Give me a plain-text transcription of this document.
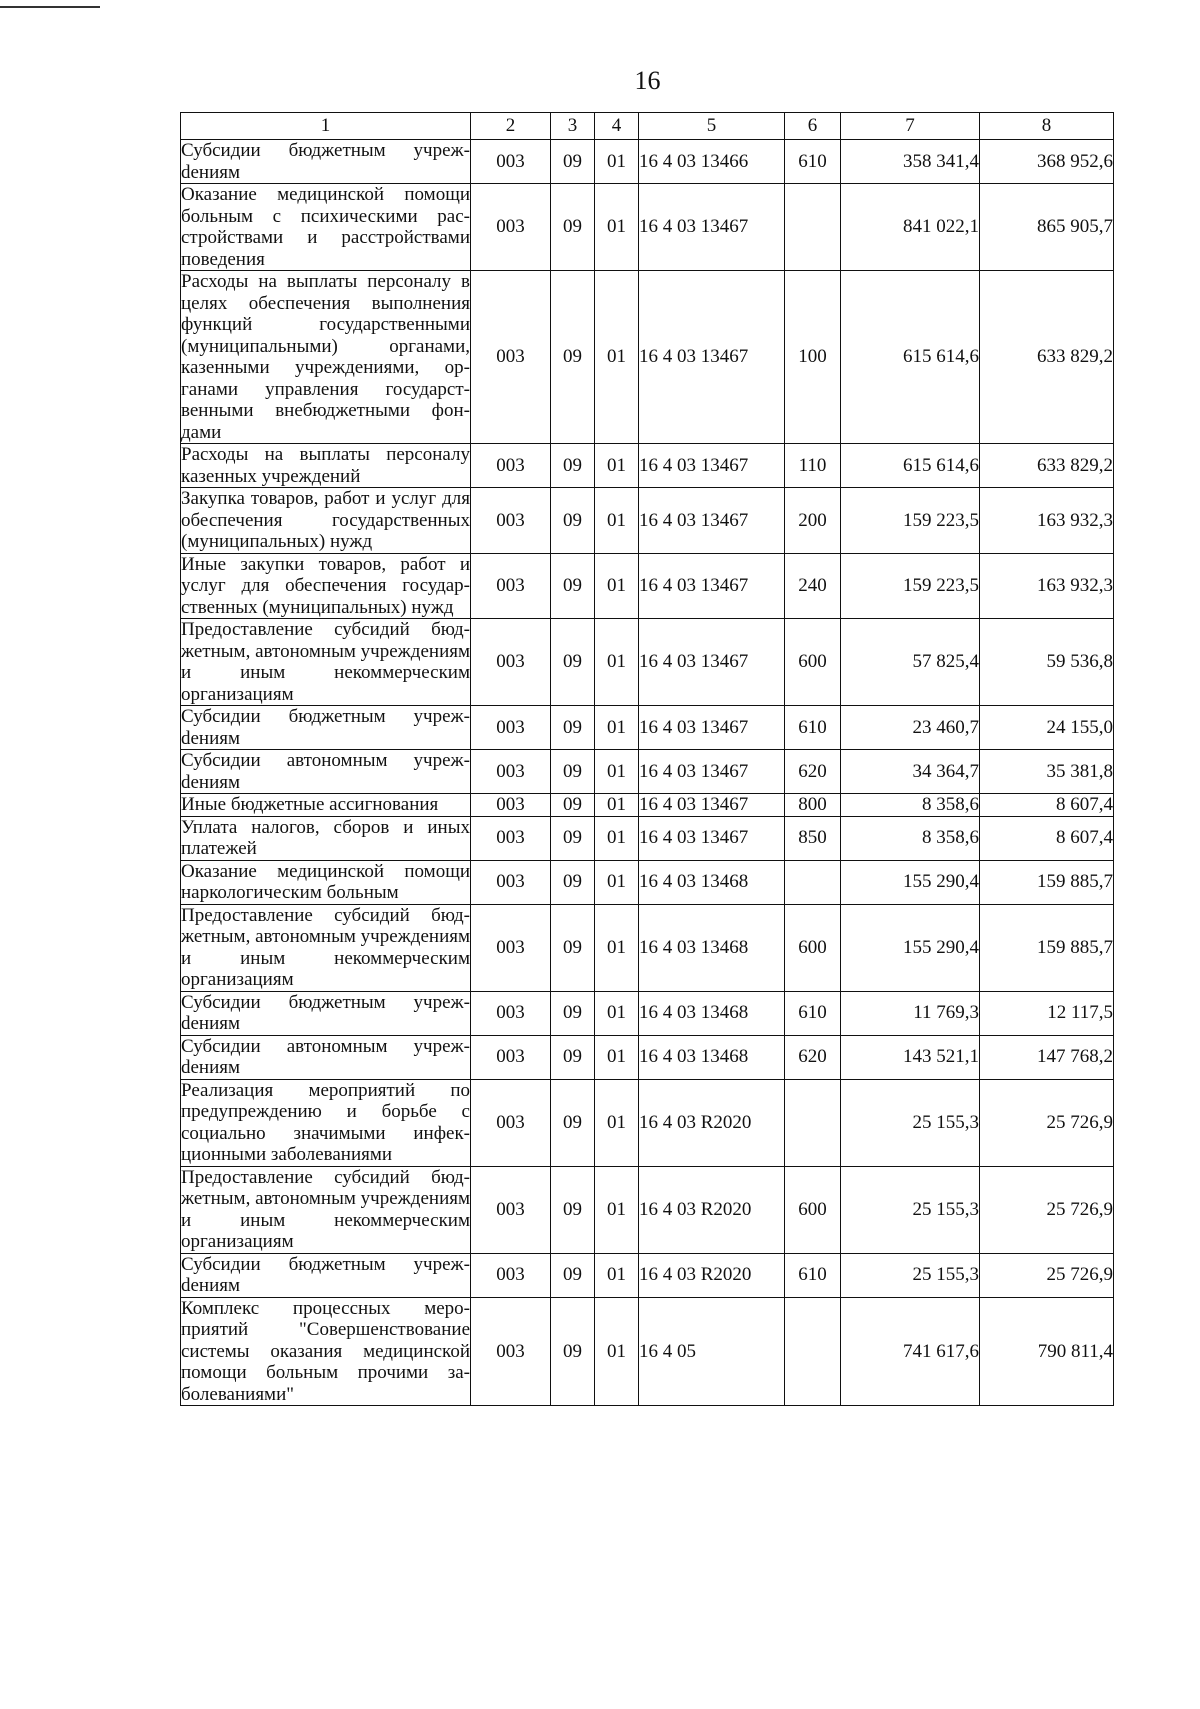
16
1	2	3	4	5	6	7	8
Субсидии бюджетным учрежdениям	003	09	01	16 4 03 13466	610	358 341,4	368 952,6
Оказание медицинской помощи больным с психическими расстройствами и расстройствами поведения	003	09	01	16 4 03 13467		841 022,1	865 905,7
Расходы на выплаты персоналу в целях обеспечения выполнения функций государственными (муниципальными) органами, казенными учреждениями, органами управления государственными внебюджетными фондами	003	09	01	16 4 03 13467	100	615 614,6	633 829,2
Расходы на выплаты персоналу казенных учреждений	003	09	01	16 4 03 13467	110	615 614,6	633 829,2
Закупка товаров, работ и услуг для обеспечения государственных (муниципальных) нужд	003	09	01	16 4 03 13467	200	159 223,5	163 932,3
Иные закупки товаров, работ и услуг для обеспечения государственных (муниципальных) нужд	003	09	01	16 4 03 13467	240	159 223,5	163 932,3
Предоставление субсидий бюджетным, автономным учреждениям и иным некоммерческим организациям	003	09	01	16 4 03 13467	600	57 825,4	59 536,8
Субсидии бюджетным учрежdениям	003	09	01	16 4 03 13467	610	23 460,7	24 155,0
Субсидии автономным учрежdениям	003	09	01	16 4 03 13467	620	34 364,7	35 381,8
Иные бюджетные ассигнования	003	09	01	16 4 03 13467	800	8 358,6	8 607,4
Уплата налогов, сборов и иных платежей	003	09	01	16 4 03 13467	850	8 358,6	8 607,4
Оказание медицинской помощи наркологическим больным	003	09	01	16 4 03 13468		155 290,4	159 885,7
Предоставление субсидий бюджетным, автономным учреждениям и иным некоммерческим организациям	003	09	01	16 4 03 13468	600	155 290,4	159 885,7
Субсидии бюджетным учрежdениям	003	09	01	16 4 03 13468	610	11 769,3	12 117,5
Субсидии автономным учрежdениям	003	09	01	16 4 03 13468	620	143 521,1	147 768,2
Реализация мероприятий по предупреждению и борьбе с социально значимыми инфекционными заболеваниями	003	09	01	16 4 03 R2020		25 155,3	25 726,9
Предоставление субсидий бюджетным, автономным учреждениям и иным некоммерческим организациям	003	09	01	16 4 03 R2020	600	25 155,3	25 726,9
Субсидии бюджетным учрежdениям	003	09	01	16 4 03 R2020	610	25 155,3	25 726,9
Комплекс процессных мероприятий "Совершенствование системы оказания медицинской помощи больным прочими заболеваниями"	003	09	01	16 4 05		741 617,6	790 811,4
